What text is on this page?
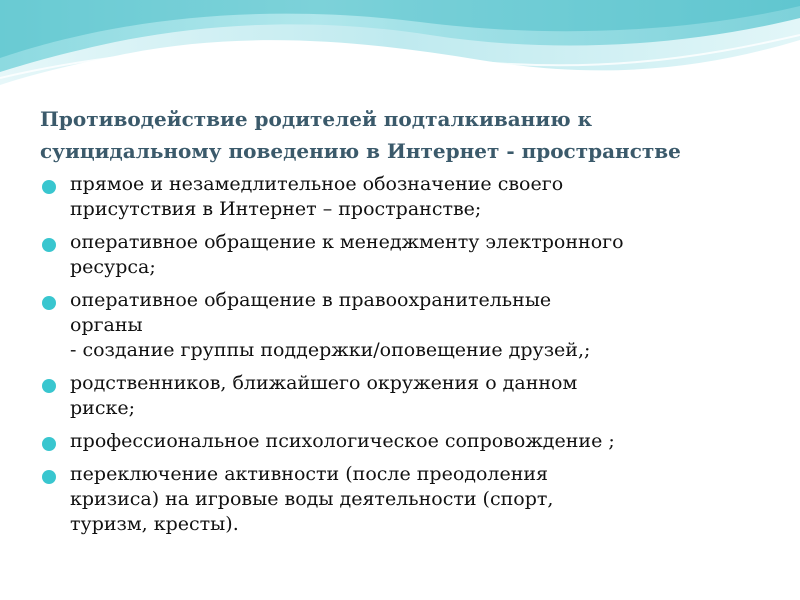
Противодействие родителей подталкиванию к
суицидальному поведению в Интернет - пространстве
прямое и незамедлительное обозначение своего
присутствия в Интернет – пространстве;
оперативное обращение к менеджменту электронного
ресурса;
оперативное обращение в правоохранительные
органы
- создание группы поддержки/оповещение друзей,;
родственников, ближайшего окружения о данном
риске;
профессиональное психологическое сопровождение ;
переключение активности (после преодоления
кризиса) на игровые воды деятельности (спорт,
туризм, кресты).
